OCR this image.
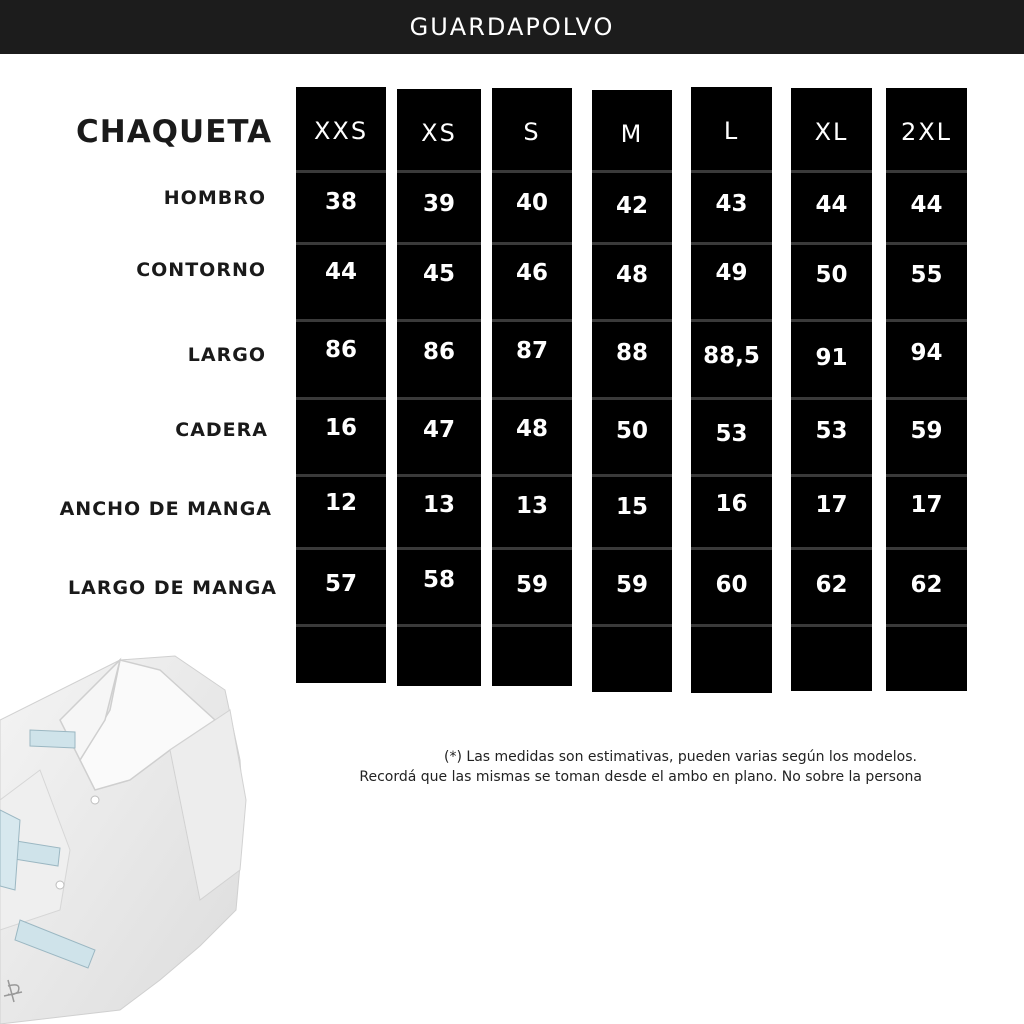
GUARDAPOLVO
CHAQUETA
HOMBRO
CONTORNO
LARGO
CADERA
ANCHO DE MANGA
LARGO DE MANGA
XXS
38
44
86
16
12
57
XS
39
45
86
47
13
58
S
40
46
87
48
13
59
M
42
48
88
50
15
59
L
43
49
88,5
53
16
60
XL
44
50
91
53
17
62
2XL
44
55
94
59
17
62
(*) Las medidas son estimativas, pueden varias según los modelos.
Recordá que las mismas se toman desde el ambo en plano. No sobre la persona
